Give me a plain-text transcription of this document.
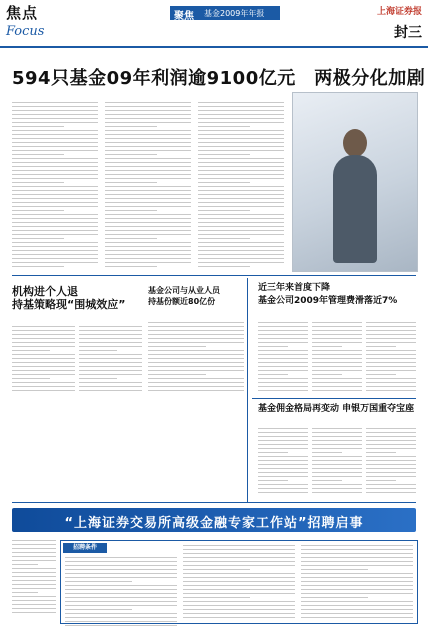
焦点
Focus
聚焦 基金2009年年报	上海证券报
封三
594只基金09年利润逾9100亿元　两极分化加剧
机构进个人退
持基策略现“围城效应”
基金公司与从业人员
持基份额近80亿份
近三年来首度下降
基金公司2009年管理费滑落近7%
基金佣金格局再变动 申银万国重夺宝座
“上海证券交易所高级金融专家工作站”招聘启事
招聘条件
